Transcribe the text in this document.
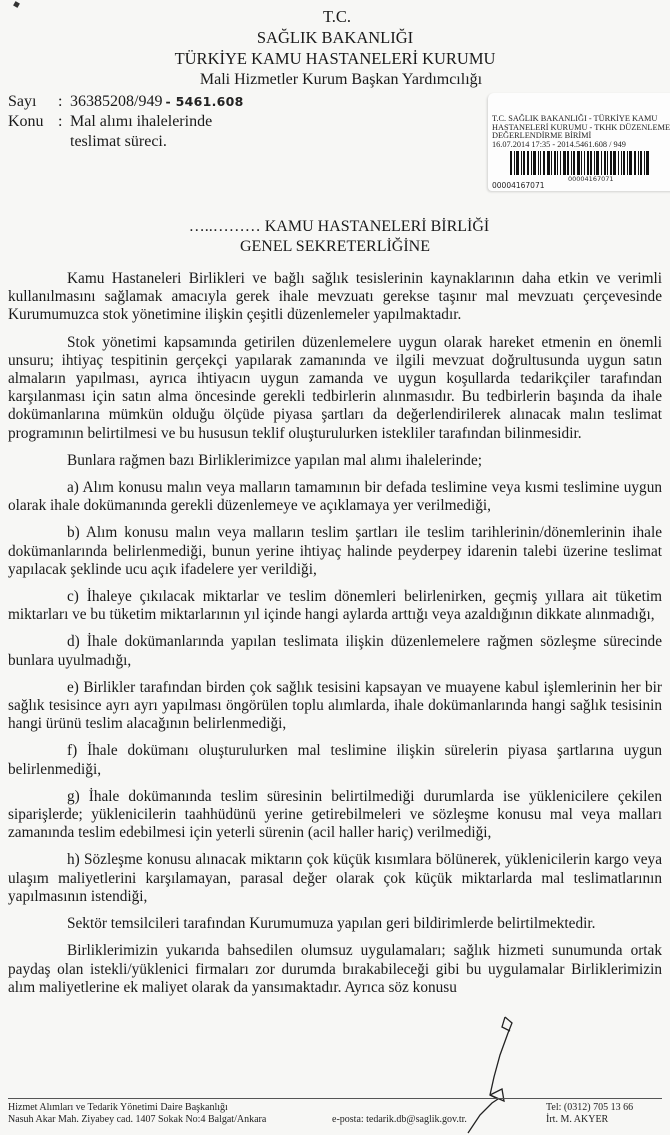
T.C.
SAĞLIK BAKANLIĞI
TÜRKİYE KAMU HASTANELERİ KURUMU
Mali Hizmetler Kurum Başkan Yardımcılığı
Sayı	: 36385208/949 - 5461.608
Konu : Mal alımı ihalelerinde
teslimat süreci.
T.C. SAĞLIK BAKANLIĞI - TÜRKİYE KAMU
HASTANELERİ KURUMU - TKHK DÜZENLEME
DEĞERLENDİRME BİRİMİ
16.07.2014 17:35 - 2014.5461.608 / 949
00004167071
00004167071
…..……… KAMU HASTANELERİ BİRLİĞİ
GENEL SEKRETERLİĞİNE

Kamu Hastaneleri Birlikleri ve bağlı sağlık tesislerinin kaynaklarının daha etkin ve verimli kullanılmasını sağlamak amacıyla gerek ihale mevzuatı gerekse taşınır mal mevzuatı çerçevesinde Kurumumuzca stok yönetimine ilişkin çeşitli düzenlemeler yapılmaktadır.

Stok yönetimi kapsamında getirilen düzenlemelere uygun olarak hareket etmenin en önemli unsuru; ihtiyaç tespitinin gerçekçi yapılarak zamanında ve ilgili mevzuat doğrultusunda uygun satın almaların yapılması, ayrıca ihtiyacın uygun zamanda ve uygun koşullarda tedarikçiler tarafından karşılanması için satın alma öncesinde gerekli tedbirlerin alınmasıdır. Bu tedbirlerin başında da ihale dokümanlarına mümkün olduğu ölçüde piyasa şartları da değerlendirilerek alınacak malın teslimat programının belirtilmesi ve bu hususun teklif oluşturulurken istekliler tarafından bilinmesidir.

Bunlara rağmen bazı Birliklerimizce yapılan mal alımı ihalelerinde;

a) Alım konusu malın veya malların tamamının bir defada teslimine veya kısmi teslimine uygun olarak ihale dokümanında gerekli düzenlemeye ve açıklamaya yer verilmediği,

b) Alım konusu malın veya malların teslim şartları ile teslim tarihlerinin/dönemlerinin ihale dokümanlarında belirlenmediği, bunun yerine ihtiyaç halinde peyderpey idarenin talebi üzerine teslimat yapılacak şeklinde ucu açık ifadelere yer verildiği,

c) İhaleye çıkılacak miktarlar ve teslim dönemleri belirlenirken, geçmiş yıllara ait tüketim miktarları ve bu tüketim miktarlarının yıl içinde hangi aylarda arttığı veya azaldığının dikkate alınmadığı,

d) İhale dokümanlarında yapılan teslimata ilişkin düzenlemelere rağmen sözleşme sürecinde bunlara uyulmadığı,

e) Birlikler tarafından birden çok sağlık tesisini kapsayan ve muayene kabul işlemlerinin her bir sağlık tesisince ayrı ayrı yapılması öngörülen toplu alımlarda, ihale dokümanlarında hangi sağlık tesisinin hangi ürünü teslim alacağının belirlenmediği,

f) İhale dokümanı oluşturulurken mal teslimine ilişkin sürelerin piyasa şartlarına uygun belirlenmediği,

g) İhale dokümanında teslim süresinin belirtilmediği durumlarda ise yüklenicilere çekilen siparişlerde; yüklenicilerin taahhüdünü yerine getirebilmeleri ve sözleşme konusu mal veya malları zamanında teslim edebilmesi için yeterli sürenin (acil haller hariç) verilmediği,

h) Sözleşme konusu alınacak miktarın çok küçük kısımlara bölünerek, yüklenicilerin kargo veya ulaşım maliyetlerini karşılamayan, parasal değer olarak çok küçük miktarlarda mal teslimatlarının yapılmasının istendiği,

Sektör temsilcileri tarafından Kurumumuza yapılan geri bildirimlerde belirtilmektedir.

Birliklerimizin yukarıda bahsedilen olumsuz uygulamaları; sağlık hizmeti sunumunda ortak paydaş olan istekli/yüklenici firmaları zor durumda bırakabileceği gibi bu uygulamalar Birliklerimizin alım maliyetlerine ek maliyet olarak da yansımaktadır. Ayrıca söz konusu

Hizmet Alımları ve Tedarik Yönetimi Daire Başkanlığı
Nasuh Akar Mah. Ziyabey cad. 1407 Sokak No:4 Balgat/Ankara	e-posta: tedarik.db@saglik.gov.tr.
Tel: (0312) 705 13 66
İrt. M. AKYER
